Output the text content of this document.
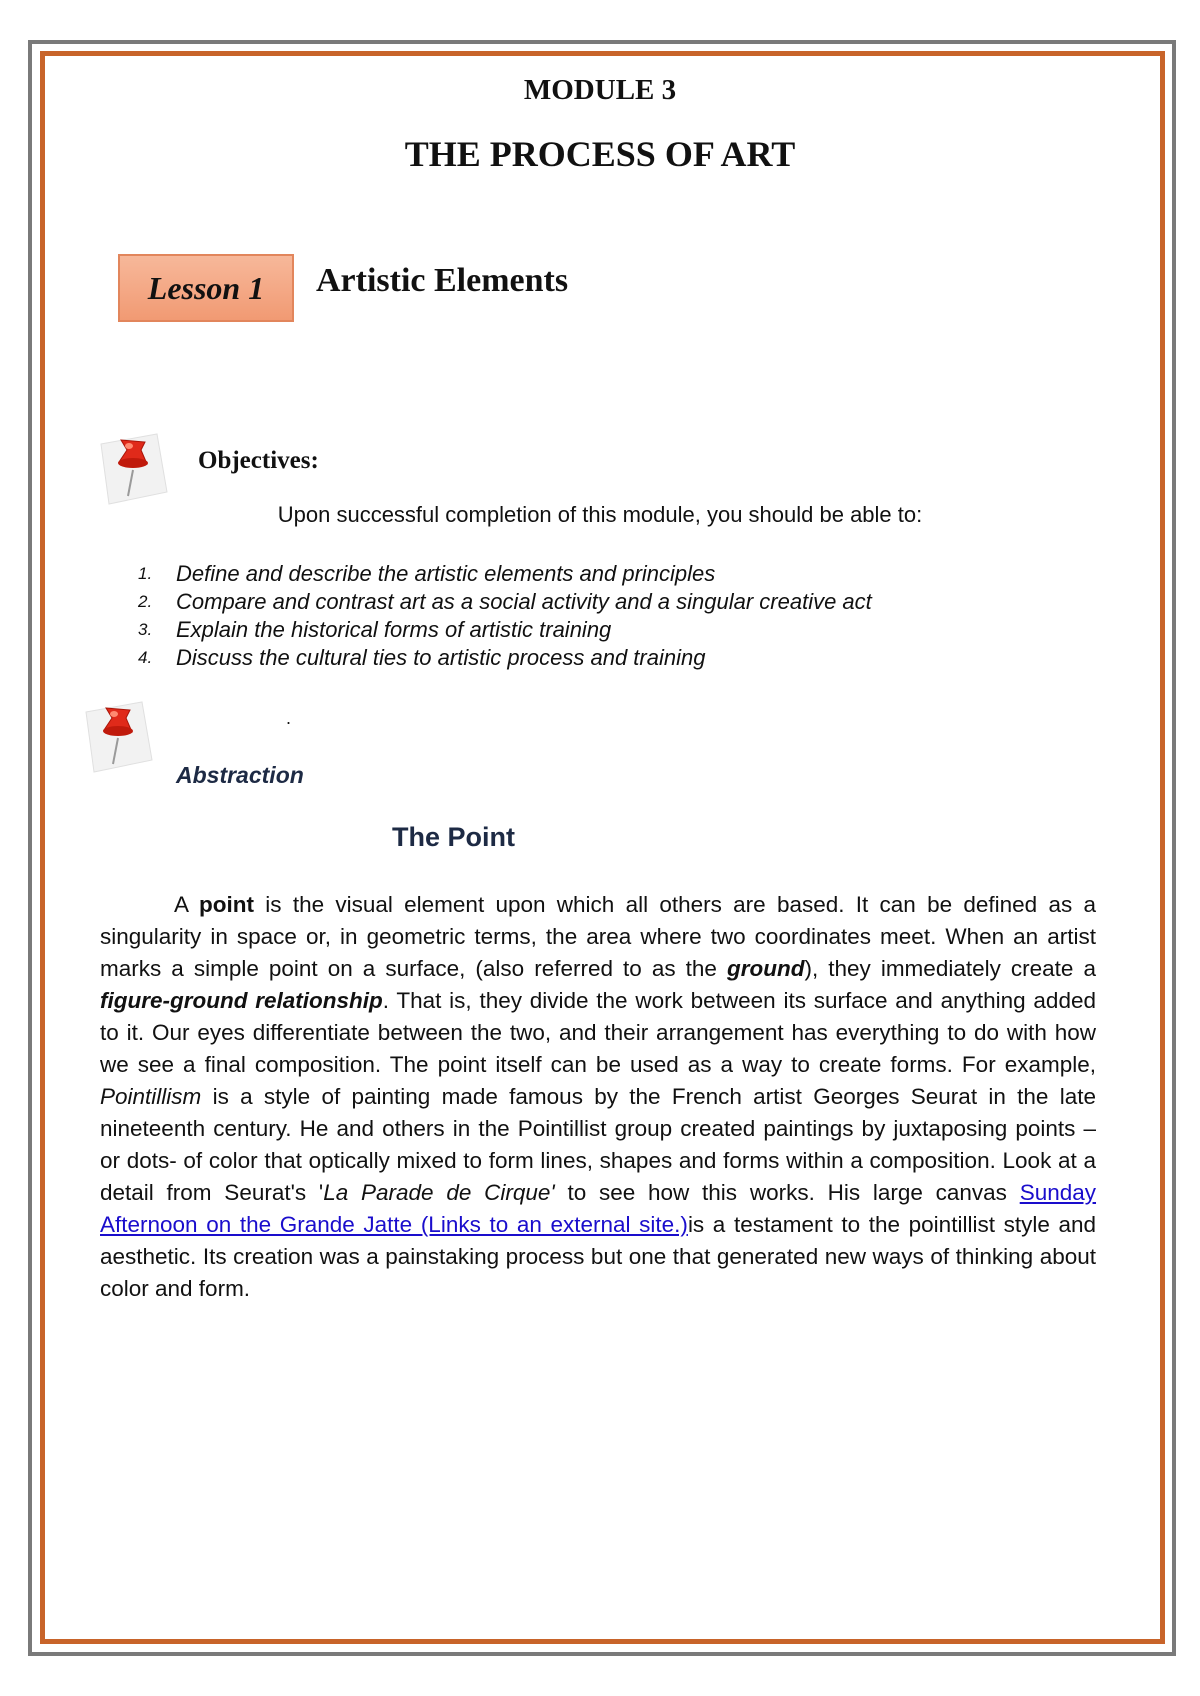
MODULE 3
THE PROCESS OF ART
Lesson 1 Artistic Elements
Objectives:
Upon successful completion of this module, you should be able to:
1.	Define and describe the artistic elements and principles
2.	Compare and contrast art as a social activity and a singular creative act
3.	Explain the historical forms of artistic training
4.	Discuss the cultural ties to artistic process and training
.
Abstraction
The Point

A point is the visual element upon which all others are based. It can be defined as a singularity in space or, in geometric terms, the area where two coordinates meet. When an artist marks a simple point on a surface, (also referred to as the ground), they immediately create a figure-ground relationship. That is, they divide the work between its surface and anything added to it. Our eyes differentiate between the two, and their arrangement has everything to do with how we see a final composition. The point itself can be used as a way to create forms. For example, Pointillism is a style of painting made famous by the French artist Georges Seurat in the late nineteenth century. He and others in the Pointillist group created paintings by juxtaposing points – or dots- of color that optically mixed to form lines, shapes and forms within a composition. Look at a detail from Seurat's 'La Parade de Cirque' to see how this works. His large canvas Sunday Afternoon on the Grande Jatte (Links to an external site.)is a testament to the pointillist style and aesthetic. Its creation was a painstaking process but one that generated new ways of thinking about color and form.
